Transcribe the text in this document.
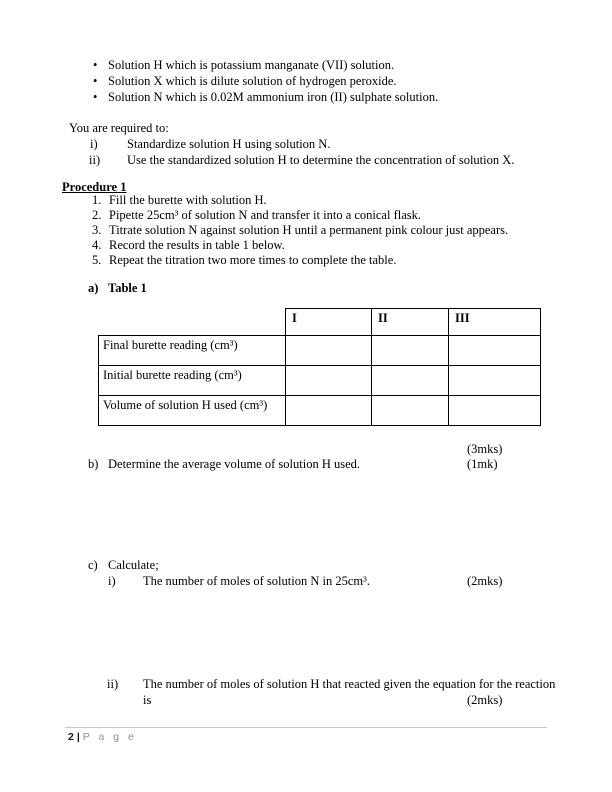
• Solution H which is potassium manganate (VII) solution.
• Solution X which is dilute solution of hydrogen peroxide.
• Solution N which is 0.02M ammonium iron (II) sulphate solution.
You are required to:
i) Standardize solution H using solution N.
ii) Use the standardized solution H to determine the concentration of solution X.
Procedure 1
1. Fill the burette with solution H.
2. Pipette 25cm³ of solution N and transfer it into a conical flask.
3. Titrate solution N against solution H until a permanent pink colour just appears.
4. Record the results in table 1 below.
5. Repeat the titration two more times to complete the table.
a) Table 1
	I	II	III
Final burette reading (cm³)			
Initial burette reading (cm³)			
Volume of solution H used (cm³)			
(3mks)
b) Determine the average volume of solution H used.	(1mk)
c) Calculate;
i) The number of moles of solution N in 25cm³.	(2mks)
ii) The number of moles of solution H that reacted given the equation for the reaction
is	(2mks)
2 | P a g e
